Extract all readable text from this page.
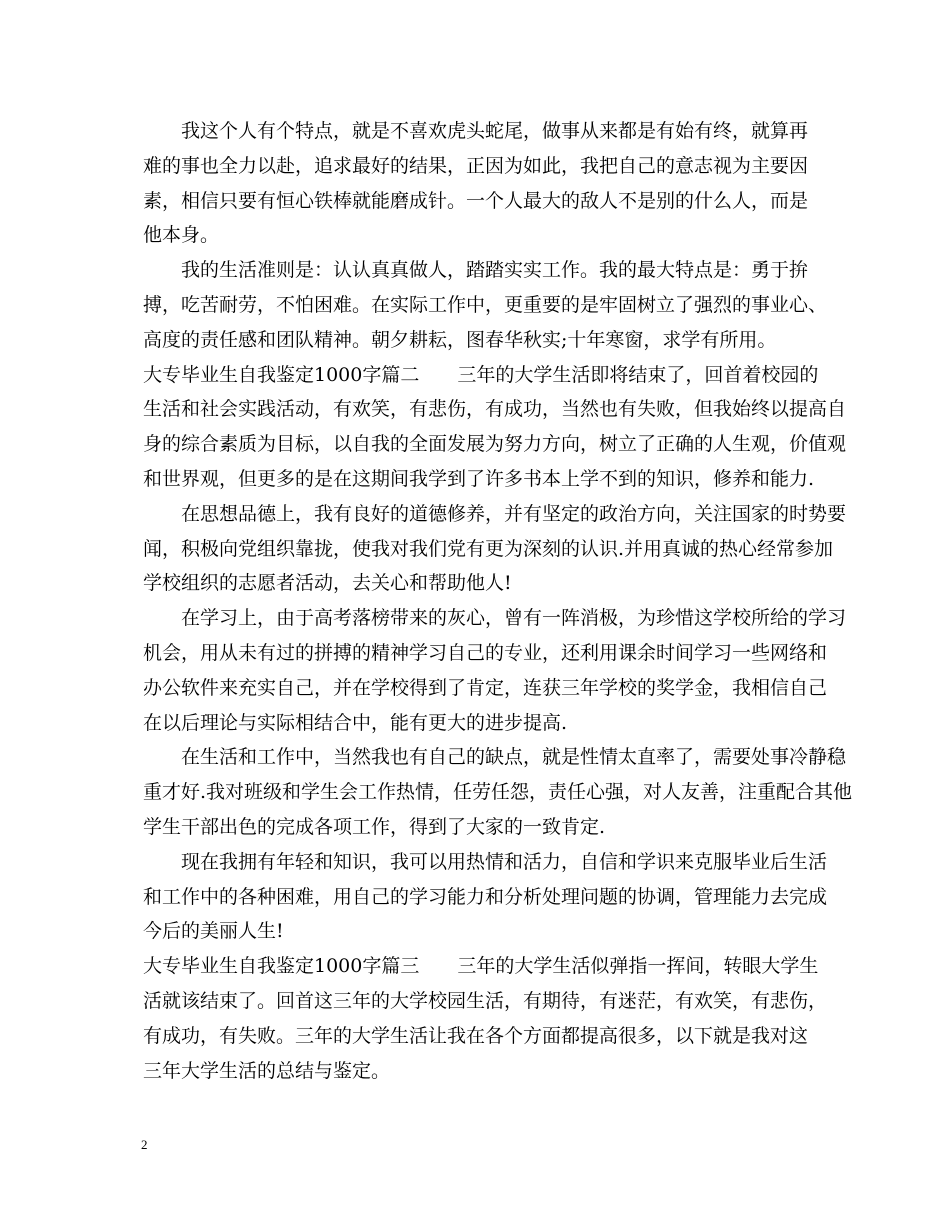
我这个人有个特点，就是不喜欢虎头蛇尾，做事从来都是有始有终，就算再
难的事也全力以赴，追求最好的结果，正因为如此，我把自己的意志视为主要因
素，相信只要有恒心铁棒就能磨成针。一个人最大的敌人不是别的什么人，而是
他本身。
我的生活准则是：认认真真做人，踏踏实实工作。我的最大特点是：勇于拚
搏，吃苦耐劳，不怕困难。在实际工作中，更重要的是牢固树立了强烈的事业心、
高度的责任感和团队精神。朝夕耕耘，图春华秋实;十年寒窗，求学有所用。
大专毕业生自我鉴定1000字篇二　　三年的大学生活即将结束了，回首着校园的
生活和社会实践活动，有欢笑，有悲伤，有成功，当然也有失败，但我始终以提高自
身的综合素质为目标，以自我的全面发展为努力方向，树立了正确的人生观，价值观
和世界观，但更多的是在这期间我学到了许多书本上学不到的知识，修养和能力.
在思想品德上，我有良好的道德修养，并有坚定的政治方向，关注国家的时势要
闻，积极向党组织靠拢，使我对我们党有更为深刻的认识.并用真诚的热心经常参加
学校组织的志愿者活动，去关心和帮助他人!
在学习上，由于高考落榜带来的灰心，曾有一阵消极，为珍惜这学校所给的学习
机会，用从未有过的拼搏的精神学习自己的专业，还利用课余时间学习一些网络和
办公软件来充实自己，并在学校得到了肯定，连获三年学校的奖学金，我相信自己
在以后理论与实际相结合中，能有更大的进步提高.
在生活和工作中，当然我也有自己的缺点，就是性情太直率了，需要处事冷静稳
重才好.我对班级和学生会工作热情，任劳任怨，责任心强，对人友善，注重配合其他
学生干部出色的完成各项工作，得到了大家的一致肯定.
现在我拥有年轻和知识，我可以用热情和活力，自信和学识来克服毕业后生活
和工作中的各种困难，用自己的学习能力和分析处理问题的协调，管理能力去完成
今后的美丽人生!
大专毕业生自我鉴定1000字篇三　　三年的大学生活似弹指一挥间，转眼大学生
活就该结束了。回首这三年的大学校园生活，有期待，有迷茫，有欢笑，有悲伤，
有成功，有失败。三年的大学生活让我在各个方面都提高很多，以下就是我对这
三年大学生活的总结与鉴定。
2
